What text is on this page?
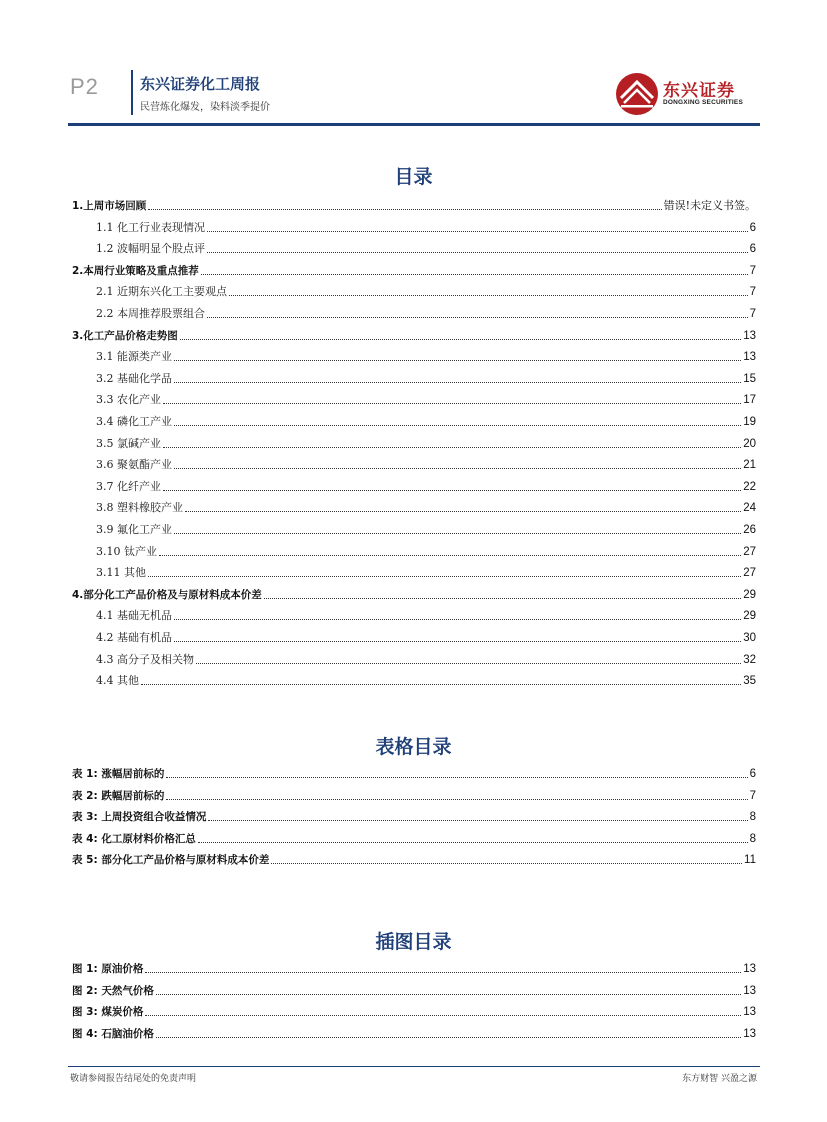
P2	东兴证券化工周报
民营炼化爆发，染料淡季提价
东兴证券
DONGXING SECURITIES
目录
1.上周市场回顾	错误!未定义书签。
1.1 化工行业表现情况	6
1.2 波幅明显个股点评	6
2.本周行业策略及重点推荐	7
2.1 近期东兴化工主要观点	7
2.2 本周推荐股票组合	7
3.化工产品价格走势图	13
3.1 能源类产业	13
3.2 基础化学品	15
3.3 农化产业	17
3.4 磷化工产业	19
3.5 氯碱产业	20
3.6 聚氨酯产业	21
3.7 化纤产业	22
3.8 塑料橡胶产业	24
3.9 氟化工产业	26
3.10 钛产业	27
3.11 其他	27
4.部分化工产品价格及与原材料成本价差	29
4.1 基础无机品	29
4.2 基础有机品	30
4.3 高分子及相关物	32
4.4 其他	35
表格目录
表 1: 涨幅居前标的	6
表 2: 跌幅居前标的	7
表 3: 上周投资组合收益情况	8
表 4: 化工原材料价格汇总	8
表 5: 部分化工产品价格与原材料成本价差	11
插图目录
图 1: 原油价格	13
图 2: 天然气价格	13
图 3: 煤炭价格	13
图 4: 石脑油价格	13
敬请参阅报告结尾处的免责声明	东方财智 兴盈之源
